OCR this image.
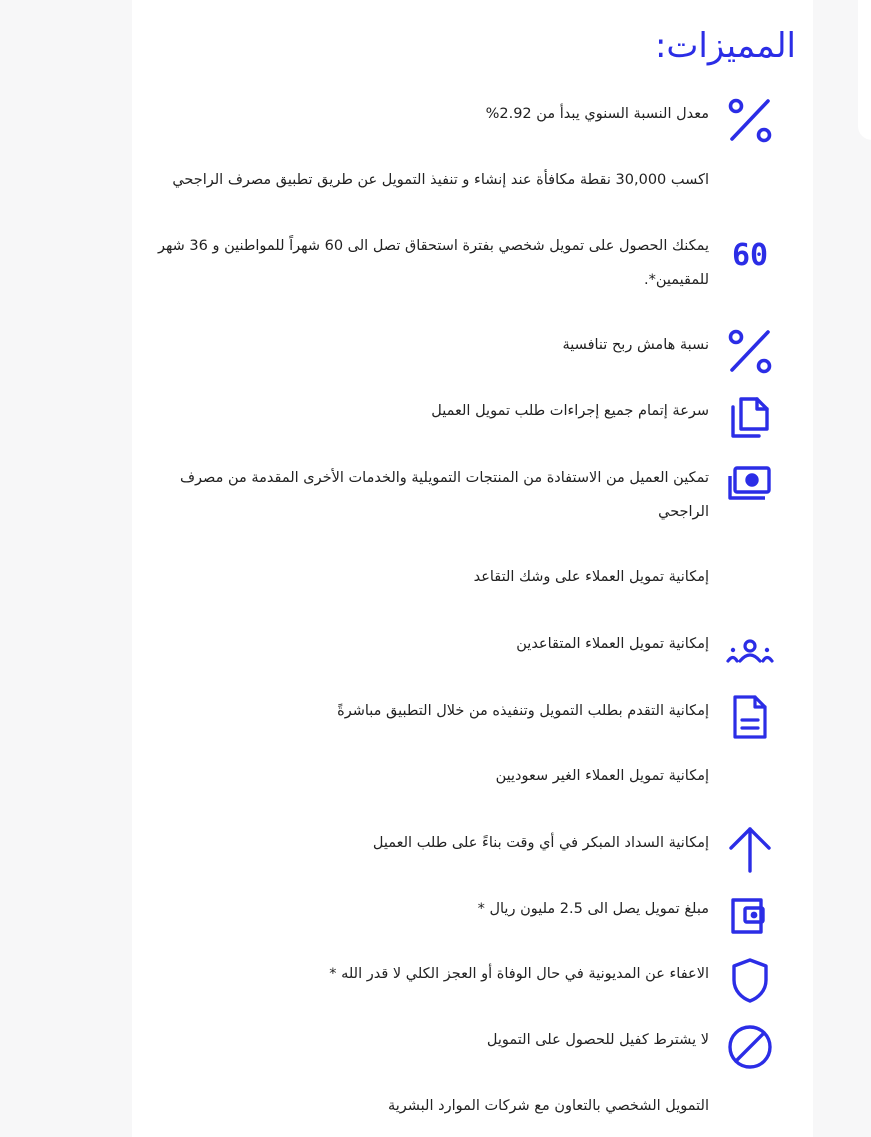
المميزات:

معدل النسبة السنوي يبدأ من 2.92%

اكسب 30,000 نقطة مكافأة عند إنشاء و تنفيذ التمويل عن طريق تطبيق مصرف الراجحي

60

يمكنك الحصول على تمويل شخصي بفترة استحقاق تصل الى 60 شهراً للمواطنين و 36 شهر للمقيمين*.

نسبة هامش ربح تنافسية

سرعة إتمام جميع إجراءات طلب تمويل العميل

تمكين العميل من الاستفادة من المنتجات التمويلية والخدمات الأخرى المقدمة من مصرف الراجحي

إمكانية تمويل العملاء على وشك التقاعد

إمكانية تمويل العملاء المتقاعدين

إمكانية التقدم بطلب التمويل وتنفيذه من خلال التطبيق مباشرةً

إمكانية تمويل العملاء الغير سعوديين

إمكانية السداد المبكر في أي وقت بناءً على طلب العميل

مبلغ تمويل يصل الى 2.5 مليون ريال *

الاعفاء عن المديونية في حال الوفاة أو العجز الكلي لا قدر الله *

لا يشترط كفيل للحصول على التمويل

التمويل الشخصي بالتعاون مع شركات الموارد البشرية
